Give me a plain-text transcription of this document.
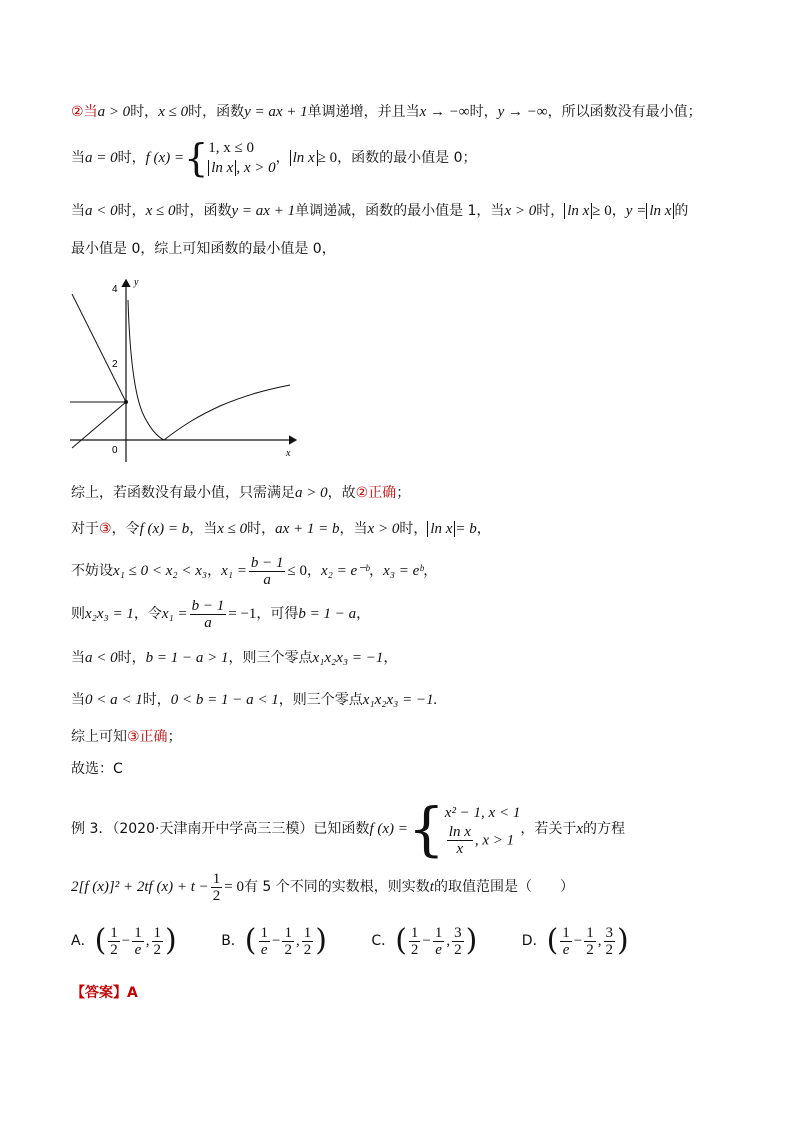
②当a > 0时，x ≤ 0时，函数y = ax + 1单调递增，并且当x → −∞时，y → −∞，所以函数没有最小值；
当a = 0时，f (x) ={ 1, x ≤ 0
ln x , x > 0
， ln x ≥ 0，函数的最小值是 0；
当a < 0时，x ≤ 0时，函数y = ax + 1单调递减，函数的最小值是 1，当x > 0时， ln x ≥ 0，y = ln x 的
最小值是 0，综上可知函数的最小值是 0，
y
x
0
4
2
综上，若函数没有最小值，只需满足a > 0，故②正确；
对于③，令f (x) = b，当x ≤ 0时，ax + 1 = b，当x > 0时， ln x = b，
不妨设x₁ ≤ 0 < x₂ < x₃，$x_1 = \frac{b - 1}{a} \le 0$，x₂ = e⁻ᵇ，x₃ = eᵇ，
则x₂x₃ = 1，令$x_1 = \frac{b - 1}{a} = -1$，可得b = 1 − a，
当a < 0时，b = 1 − a > 1，则三个零点x₁x₂x₃ = −1，
当0 < a < 1时，0 < b = 1 − a < 1，则三个零点x₁x₂x₃ = −1.
综上可知③正确；
故选：C
例 3．（2020·天津南开中学高三三模）已知函数f (x) ={ x² − 1, x < 1
$\frac{\text{ln x}}{x}$ , x > 1
，若关于x的方程
2[f (x)]² + 2tf $(x) + t - \frac{1}{2} = 0$有 5 个不同的实数根，则实数t的取值范围是（　　）
A．( $\frac{1}{2} - \frac{1}{e}$ , $\frac{1}{2}$ )	B．( $\frac{1}{e} - \frac{1}{2}$ , $\frac{1}{2}$ )	C．( $\frac{1}{2} - \frac{1}{e}$ , $\frac{3}{2}$ )	D．( $\frac{1}{e} - \frac{1}{2}$ , $\frac{3}{2}$ )
【答案】A
